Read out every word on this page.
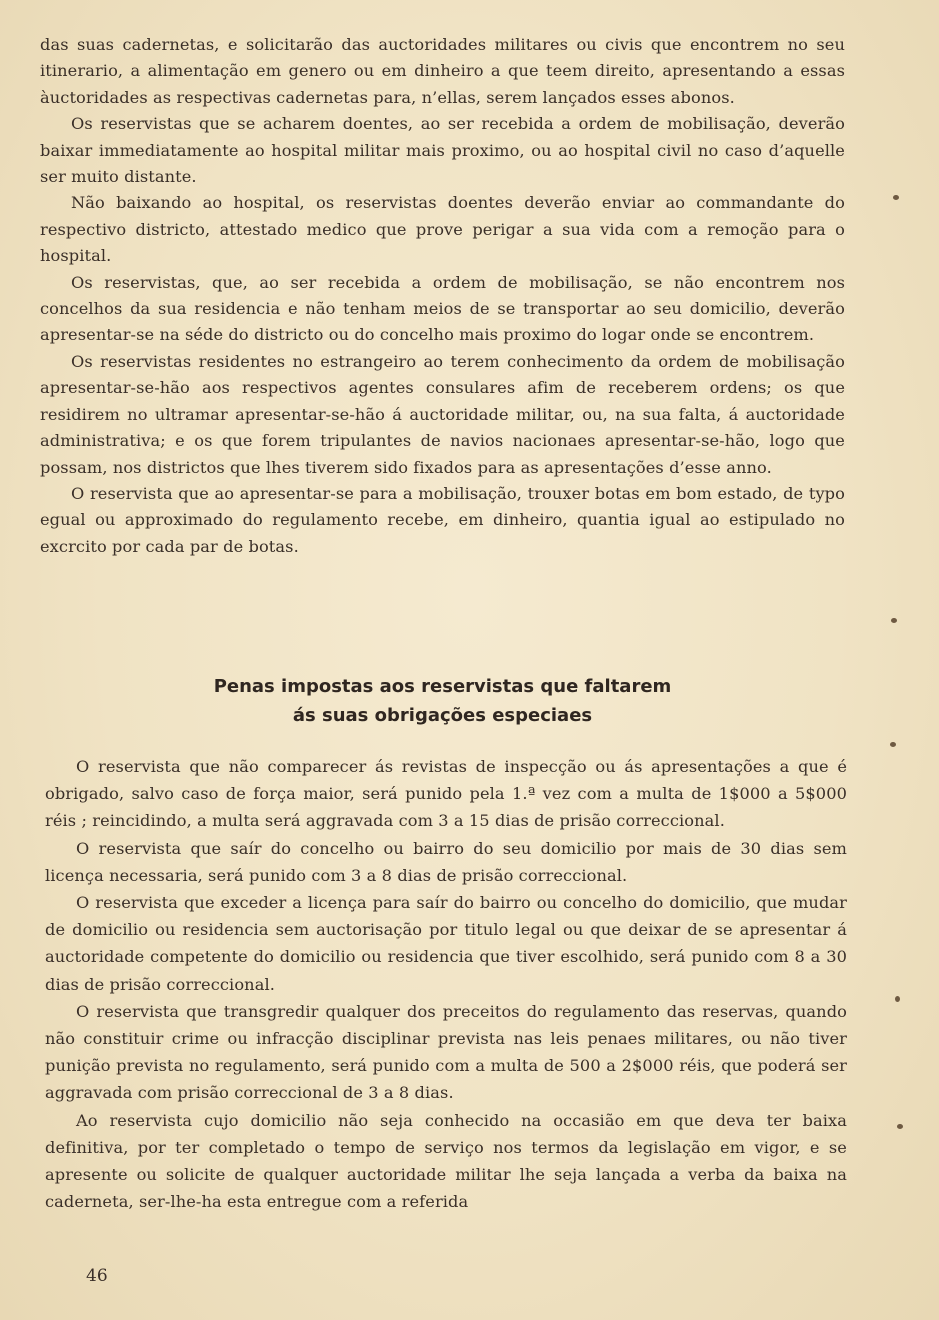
das suas cadernetas, e solicitarão das auctoridades militares ou civis que encontrem no seu itinerario, a alimentação em genero ou em dinheiro a que teem direito, apresentando a essas àuctoridades as respectivas cadernetas para, n’ellas, serem lançados esses abonos.

Os reservistas que se acharem doentes, ao ser recebida a ordem de mobilisação, deverão baixar immediatamente ao hospital militar mais proximo, ou ao hospital civil no caso d’aquelle ser muito distante.

Não baixando ao hospital, os reservistas doentes deverão enviar ao commandante do respectivo districto, attestado medico que prove perigar a sua vida com a remoção para o hospital.

Os reservistas, que, ao ser recebida a ordem de mobilisação, se não encontrem nos concelhos da sua residencia e não tenham meios de se transportar ao seu domicilio, deverão apresentar-se na séde do districto ou do concelho mais proximo do logar onde se encontrem.

Os reservistas residentes no estrangeiro ao terem conhecimento da ordem de mobilisação apresentar-se-hão aos respectivos agentes consulares afim de receberem ordens; os que residirem no ultramar apresentar-se-hão á auctoridade militar, ou, na sua falta, á auctoridade administrativa; e os que forem tripulantes de navios nacionaes apresentar-se-hão, logo que possam, nos districtos que lhes tiverem sido fixados para as apresentações d’esse anno.

O reservista que ao apresentar-se para a mobilisação, trouxer botas em bom estado, de typo egual ou approximado do regulamento recebe, em dinheiro, quantia igual ao estipulado no excrcito por cada par de botas.

Penas impostas aos reservistas que faltarem
ás suas obrigações especiaes

O reservista que não comparecer ás revistas de inspecção ou ás apresentações a que é obrigado, salvo caso de força maior, será punido pela 1.ª vez com a multa de 1$000 a 5$000 réis ; reincidindo, a multa será aggravada com 3 a 15 dias de prisão correccional.

O reservista que saír do concelho ou bairro do seu domicilio por mais de 30 dias sem licença necessaria, será punido com 3 a 8 dias de prisão correccional.

O reservista que exceder a licença para saír do bairro ou concelho do domicilio, que mudar de domicilio ou residencia sem auctorisação por titulo legal ou que deixar de se apresentar á auctoridade competente do domicilio ou residencia que tiver escolhido, será punido com 8 a 30 dias de prisão correccional.

O reservista que transgredir qualquer dos preceitos do regulamento das reservas, quando não constituir crime ou infracção disciplinar prevista nas leis penaes militares, ou não tiver punição prevista no regulamento, será punido com a multa de 500 a 2$000 réis, que poderá ser aggravada com prisão correccional de 3 a 8 dias.

Ao reservista cujo domicilio não seja conhecido na occasião em que deva ter baixa definitiva, por ter completado o tempo de serviço nos termos da legislação em vigor, e se apresente ou solicite de qualquer auctoridade militar lhe seja lançada a verba da baixa na caderneta, ser-lhe-ha esta entregue com a referida

46
